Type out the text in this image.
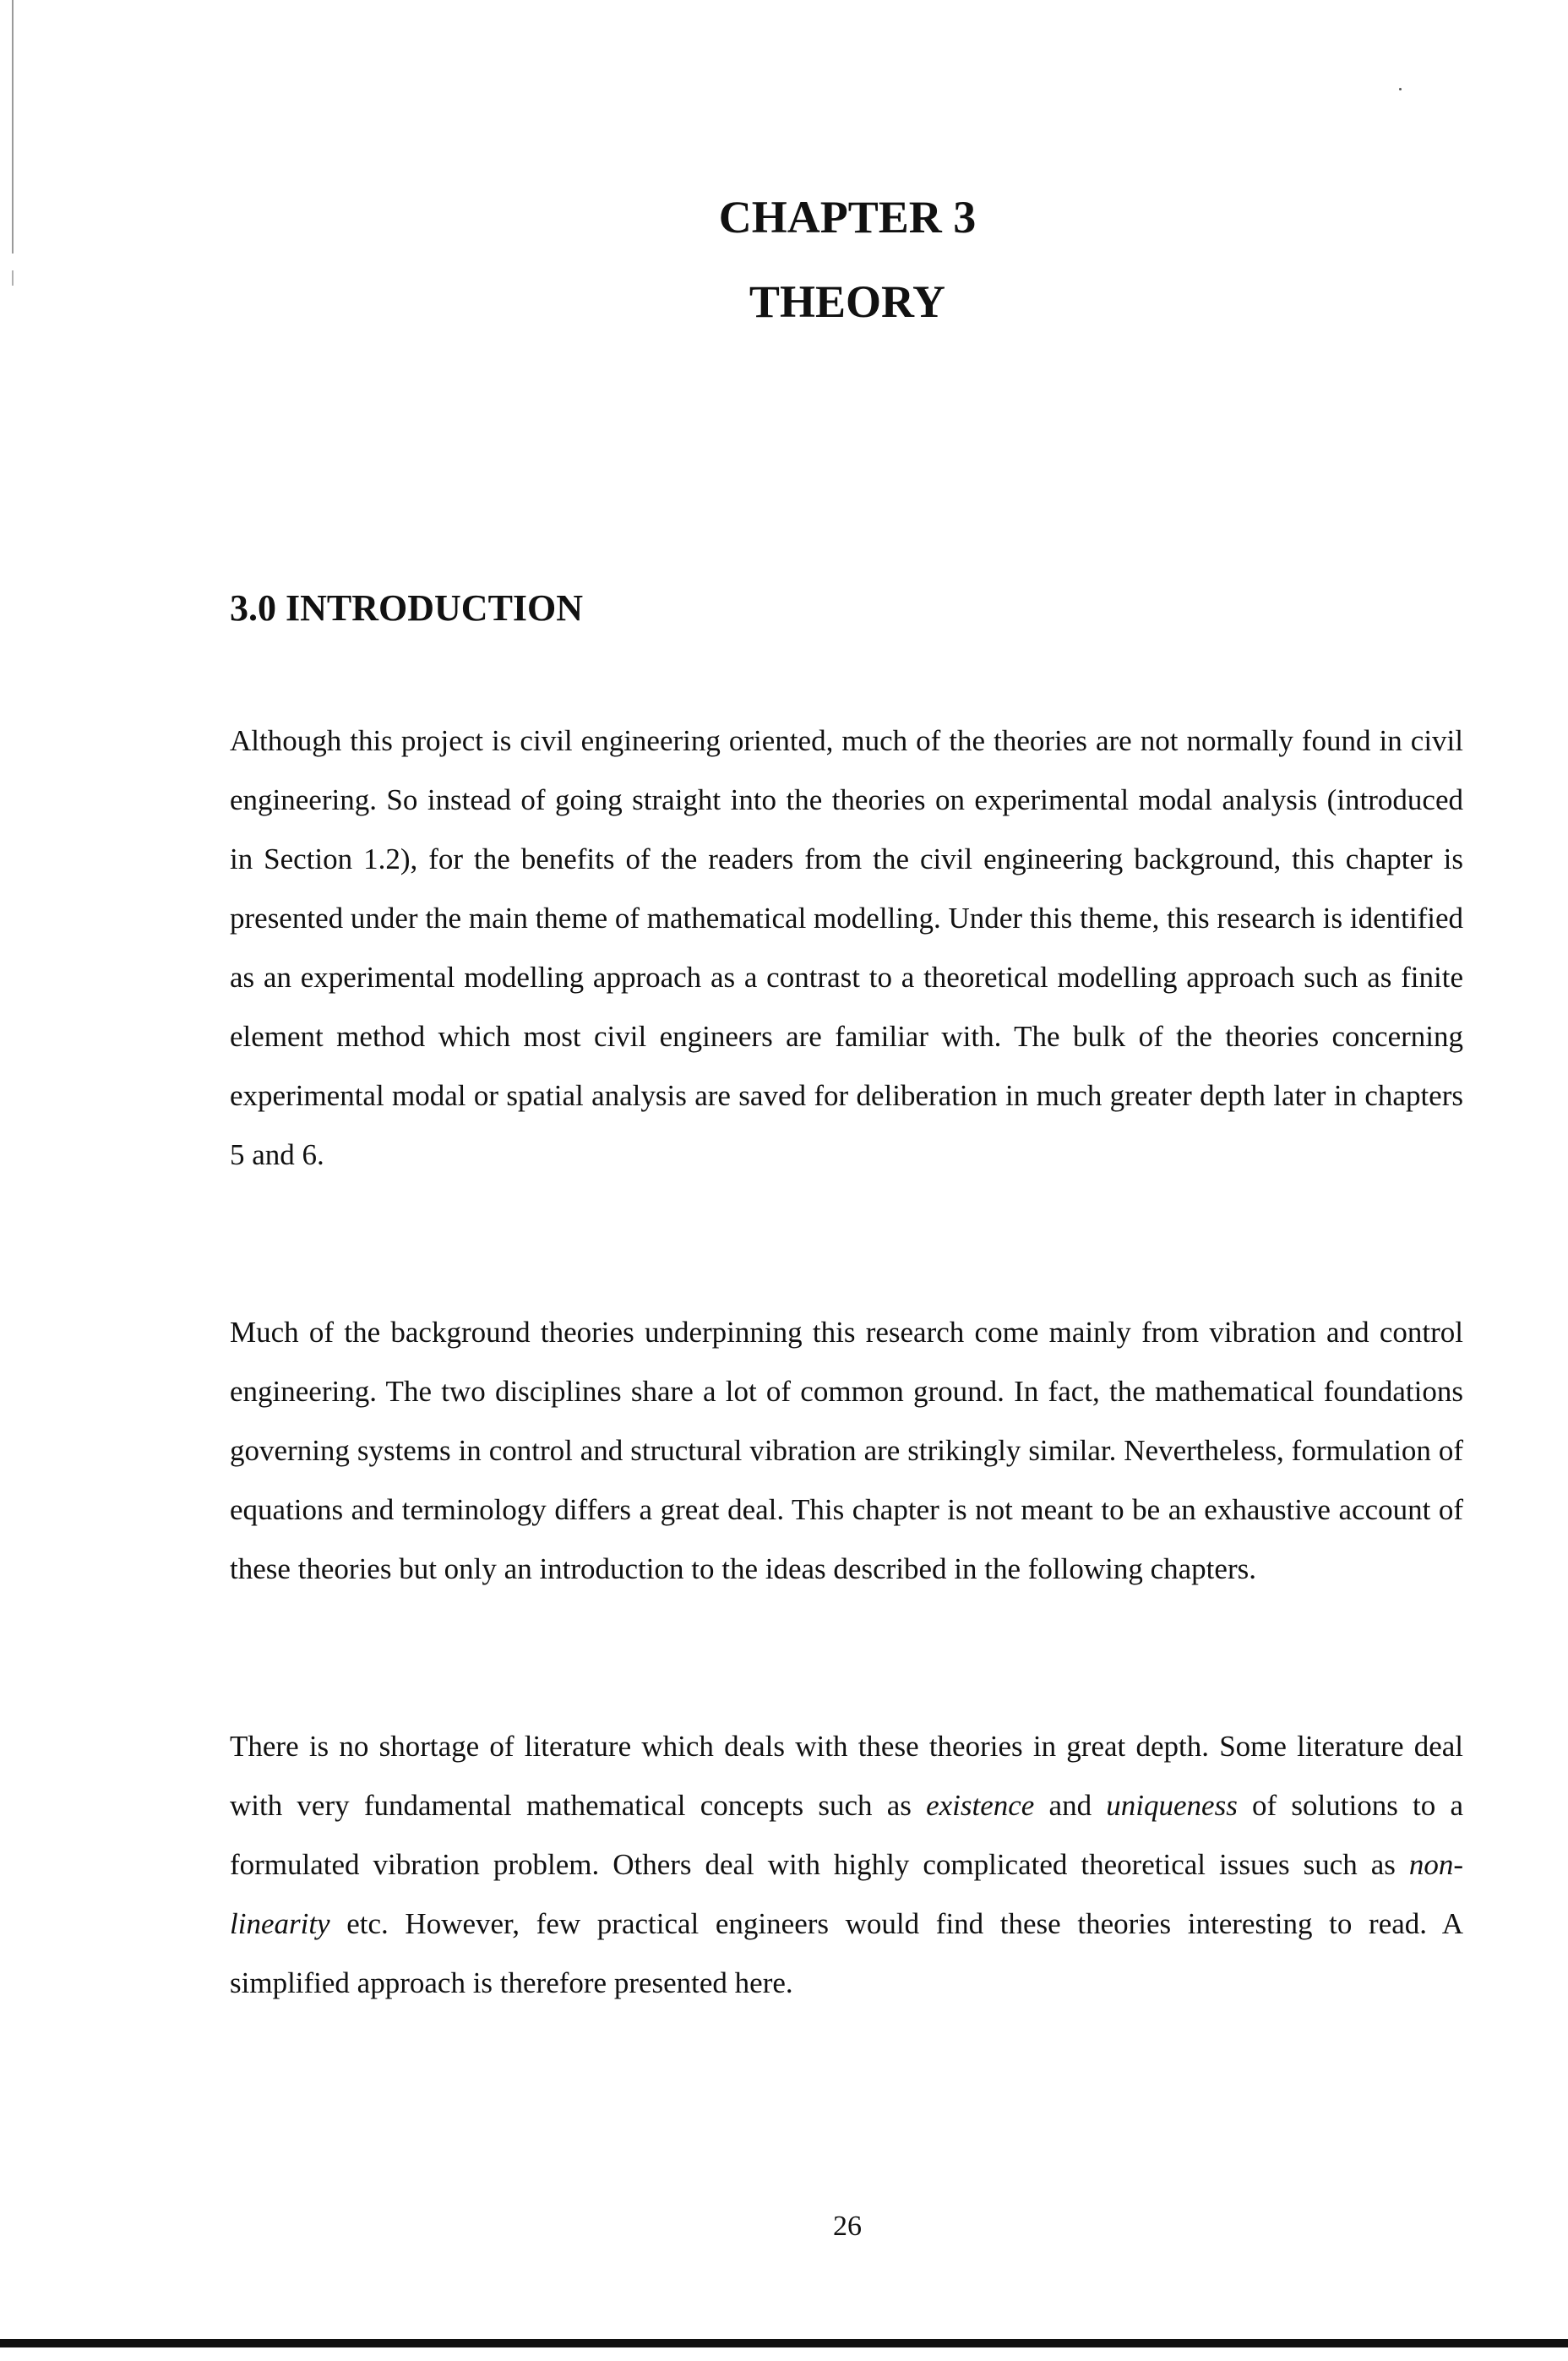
CHAPTER 3
THEORY
3.0 INTRODUCTION

Although this project is civil engineering oriented, much of the theories are not normally found in civil engineering. So instead of going straight into the theories on experimental modal analysis (introduced in Section 1.2), for the benefits of the readers from the civil engineering background, this chapter is presented under the main theme of mathematical modelling. Under this theme, this research is identified as an experimental modelling approach as a contrast to a theoretical modelling approach such as finite element method which most civil engineers are familiar with. The bulk of the theories concerning experimental modal or spatial analysis are saved for deliberation in much greater depth later in chapters 5 and 6.

Much of the background theories underpinning this research come mainly from vibration and control engineering. The two disciplines share a lot of common ground. In fact, the mathematical foundations governing systems in control and structural vibration are strikingly similar. Nevertheless, formulation of equations and terminology differs a great deal. This chapter is not meant to be an exhaustive account of these theories but only an introduction to the ideas described in the following chapters.

There is no shortage of literature which deals with these theories in great depth. Some literature deal with very fundamental mathematical concepts such as existence and uniqueness of solutions to a formulated vibration problem. Others deal with highly complicated theoretical issues such as non-linearity etc. However, few practical engineers would find these theories interesting to read. A simplified approach is therefore presented here.

26
